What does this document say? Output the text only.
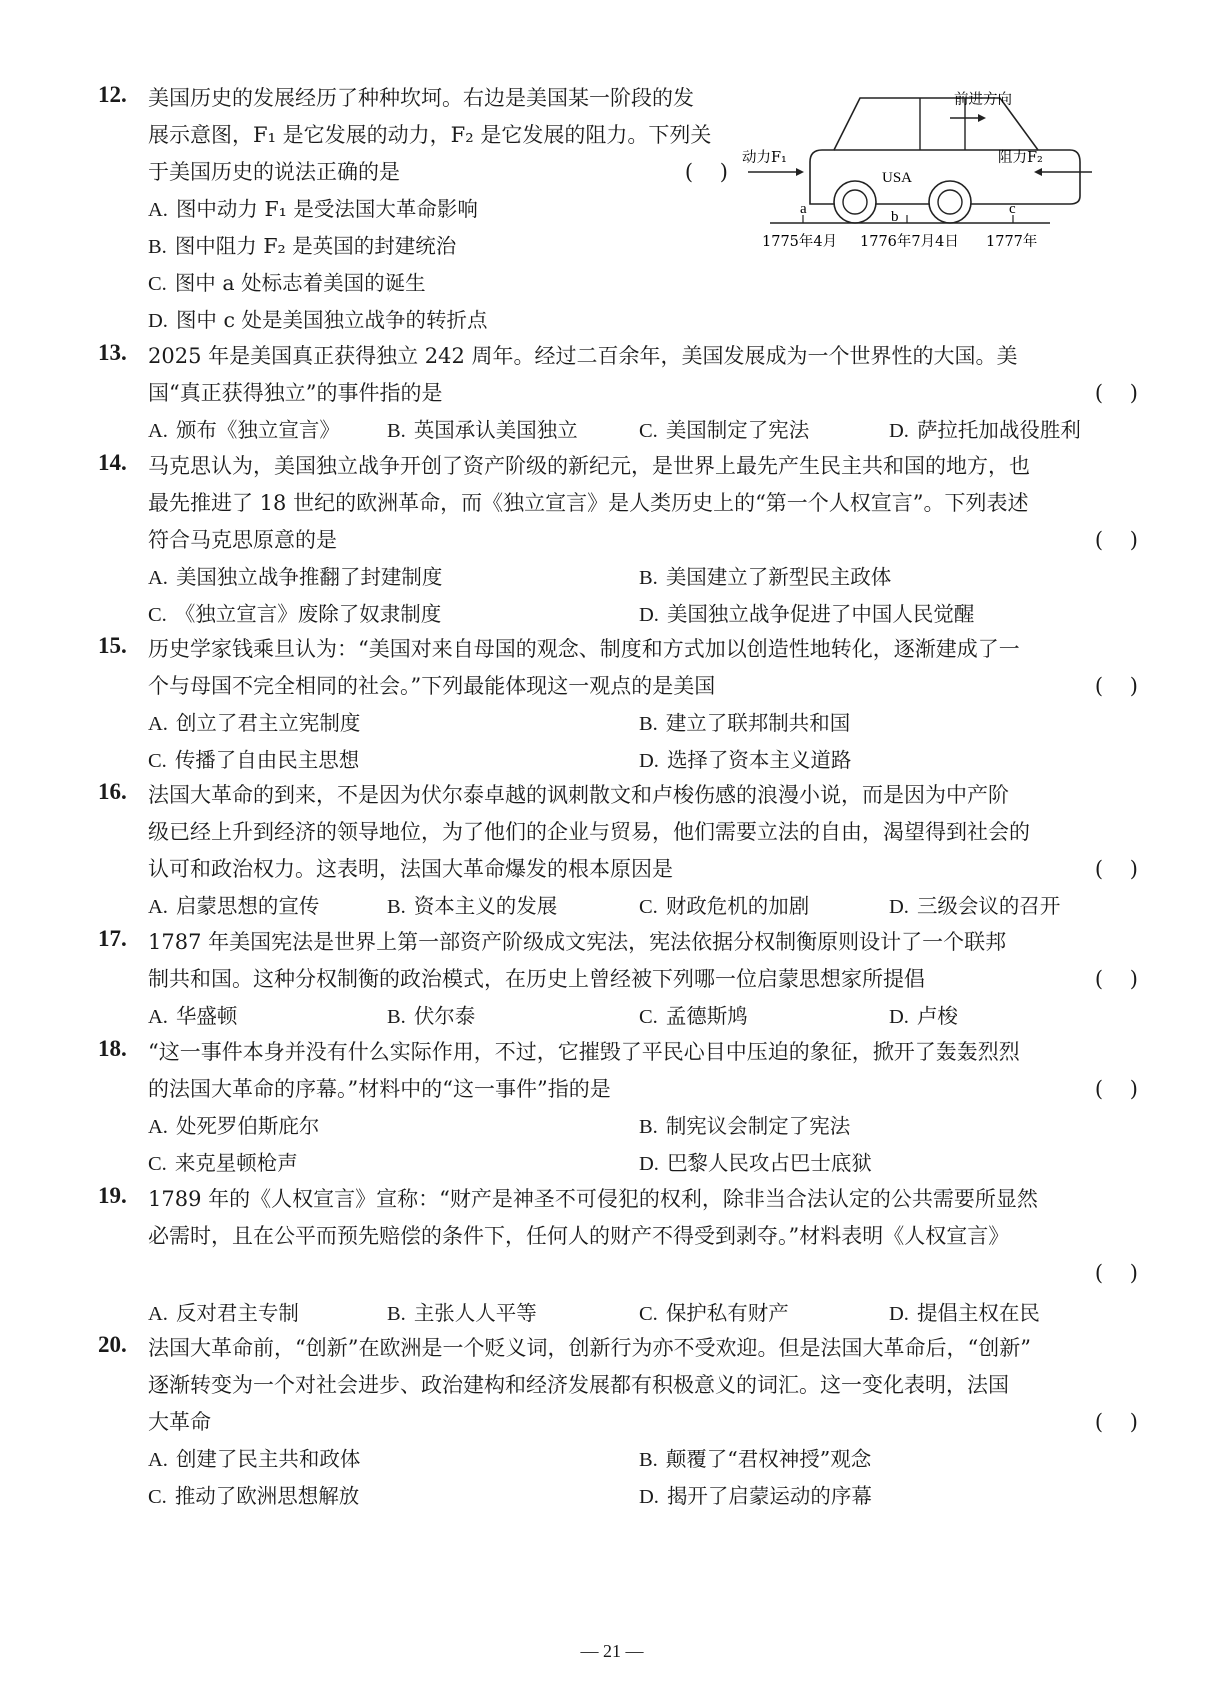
12. 美国历史的发展经历了种种坎坷。右边是美国某一阶段的发
展示意图，F₁ 是它发展的动力，F₂ 是它发展的阻力。下列关
于美国历史的说法正确的是	(    )
A. 图中动力 F₁ 是受法国大革命影响
B. 图中阻力 F₂ 是英国的封建统治
C. 图中 a 处标志着美国的诞生
D. 图中 c 处是美国独立战争的转折点
a	b	c
1775年4月 1776年7月4日 1777年
USA
前进方向
动力F₁	阻力F₂
13. 2025 年是美国真正获得独立 242 周年。经过二百余年，美国发展成为一个世界性的大国。美
国“真正获得独立”的事件指的是	(    )
A. 颁布《独立宣言》 B. 英国承认美国独立	C. 美国制定了宪法	D. 萨拉托加战役胜利
14. 马克思认为，美国独立战争开创了资产阶级的新纪元，是世界上最先产生民主共和国的地方，也
最先推进了 18 世纪的欧洲革命，而《独立宣言》是人类历史上的“第一个人权宣言”。下列表述
符合马克思原意的是	(    )
A. 美国独立战争推翻了封建制度	B. 美国建立了新型民主政体
C. 《独立宣言》废除了奴隶制度	D. 美国独立战争促进了中国人民觉醒
15. 历史学家钱乘旦认为：“美国对来自母国的观念、制度和方式加以创造性地转化，逐渐建成了一
个与母国不完全相同的社会。”下列最能体现这一观点的是美国	(    )
A. 创立了君主立宪制度	B. 建立了联邦制共和国
C. 传播了自由民主思想	D. 选择了资本主义道路
16. 法国大革命的到来，不是因为伏尔泰卓越的讽刺散文和卢梭伤感的浪漫小说，而是因为中产阶
级已经上升到经济的领导地位，为了他们的企业与贸易，他们需要立法的自由，渴望得到社会的
认可和政治权力。这表明，法国大革命爆发的根本原因是	(    )
A. 启蒙思想的宣传	B. 资本主义的发展	C. 财政危机的加剧	D. 三级会议的召开
17. 1787 年美国宪法是世界上第一部资产阶级成文宪法，宪法依据分权制衡原则设计了一个联邦
制共和国。这种分权制衡的政治模式，在历史上曾经被下列哪一位启蒙思想家所提倡	(    )
A. 华盛顿	B. 伏尔泰	C. 孟德斯鸠	D. 卢梭
18. “这一事件本身并没有什么实际作用，不过，它摧毁了平民心目中压迫的象征，掀开了轰轰烈烈
的法国大革命的序幕。”材料中的“这一事件”指的是	(    )
A. 处死罗伯斯庇尔	B. 制宪议会制定了宪法
C. 来克星顿枪声	D. 巴黎人民攻占巴士底狱
19. 1789 年的《人权宣言》宣称：“财产是神圣不可侵犯的权利，除非当合法认定的公共需要所显然
必需时，且在公平而预先赔偿的条件下，任何人的财产不得受到剥夺。”材料表明《人权宣言》
(    )
A. 反对君主专制	B. 主张人人平等	C. 保护私有财产	D. 提倡主权在民
20. 法国大革命前，“创新”在欧洲是一个贬义词，创新行为亦不受欢迎。但是法国大革命后，“创新”
逐渐转变为一个对社会进步、政治建构和经济发展都有积极意义的词汇。这一变化表明，法国
大革命	(    )
A. 创建了民主共和政体	B. 颠覆了“君权神授”观念
C. 推动了欧洲思想解放	D. 揭开了启蒙运动的序幕
— 21 —
